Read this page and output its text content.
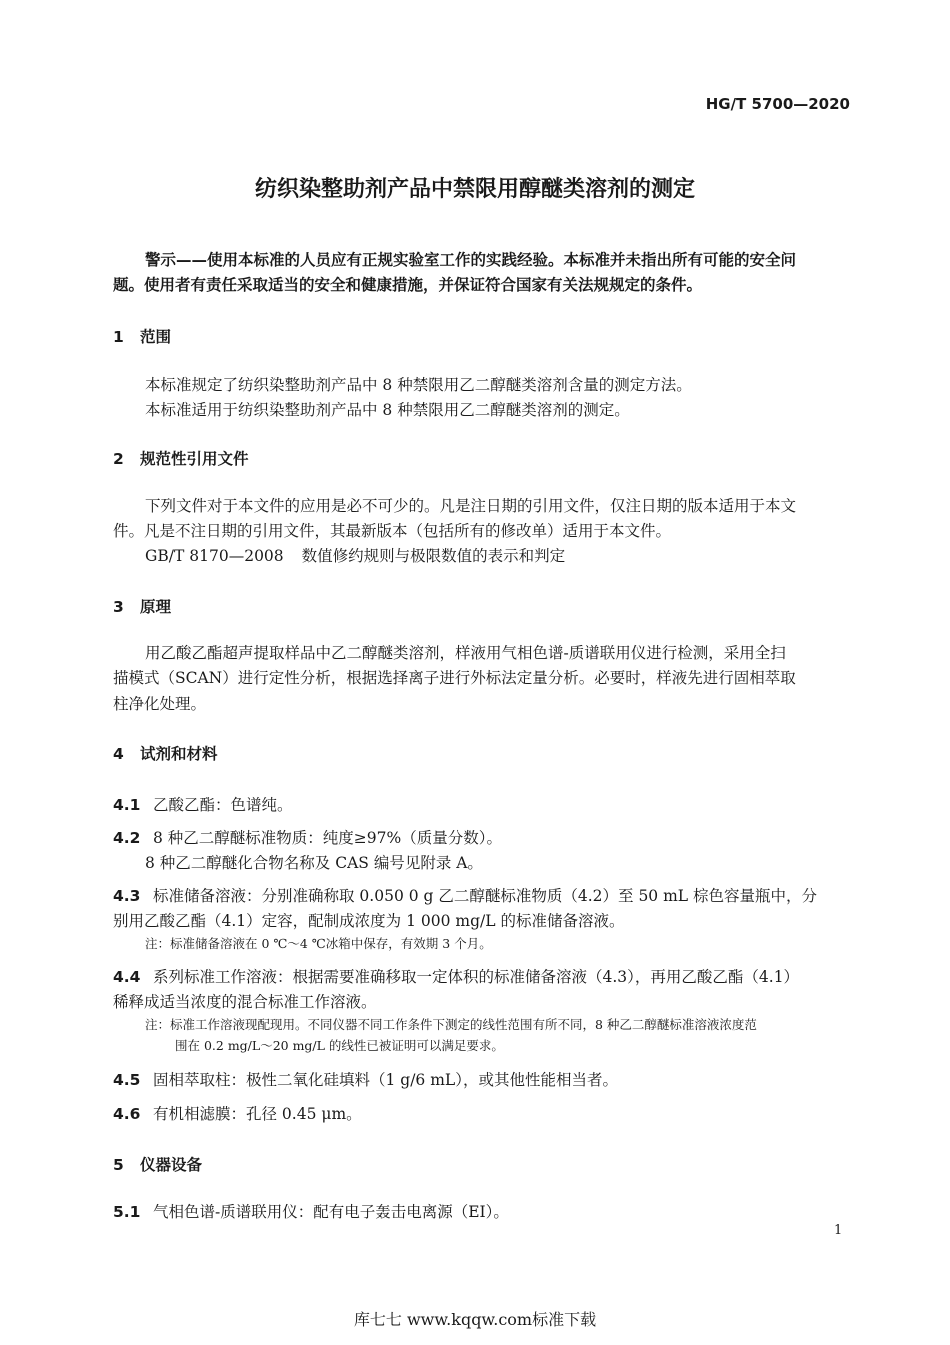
HG/T 5700—2020
纺织染整助剂产品中禁限用醇醚类溶剂的测定
警示——使用本标准的人员应有正规实验室工作的实践经验。本标准并未指出所有可能的安全问
题。使用者有责任采取适当的安全和健康措施，并保证符合国家有关法规规定的条件。
1 范围
本标准规定了纺织染整助剂产品中 8 种禁限用乙二醇醚类溶剂含量的测定方法。
本标准适用于纺织染整助剂产品中 8 种禁限用乙二醇醚类溶剂的测定。
2 规范性引用文件
下列文件对于本文件的应用是必不可少的。凡是注日期的引用文件，仅注日期的版本适用于本文
件。凡是不注日期的引用文件，其最新版本（包括所有的修改单）适用于本文件。
GB/T 8170—2008 数值修约规则与极限数值的表示和判定
3 原理
用乙酸乙酯超声提取样品中乙二醇醚类溶剂，样液用气相色谱-质谱联用仪进行检测，采用全扫
描模式（SCAN）进行定性分析，根据选择离子进行外标法定量分析。必要时，样液先进行固相萃取
柱净化处理。
4 试剂和材料
4.1 乙酸乙酯：色谱纯。
4.2 8 种乙二醇醚标准物质：纯度≥97%（质量分数）。
8 种乙二醇醚化合物名称及 CAS 编号见附录 A。
4.3 标准储备溶液：分别准确称取 0.050 0 g 乙二醇醚标准物质（4.2）至 50 mL 棕色容量瓶中，分
别用乙酸乙酯（4.1）定容，配制成浓度为 1 000 mg/L 的标准储备溶液。
注：标准储备溶液在 0 ℃～4 ℃冰箱中保存，有效期 3 个月。
4.4 系列标准工作溶液：根据需要准确移取一定体积的标准储备溶液（4.3），再用乙酸乙酯（4.1）
稀释成适当浓度的混合标准工作溶液。
注：标准工作溶液现配现用。不同仪器不同工作条件下测定的线性范围有所不同，8 种乙二醇醚标准溶液浓度范
围在 0.2 mg/L～20 mg/L 的线性已被证明可以满足要求。
4.5 固相萃取柱：极性二氧化硅填料（1 g/6 mL），或其他性能相当者。
4.6 有机相滤膜：孔径 0.45 μm。
5 仪器设备
5.1 气相色谱-质谱联用仪：配有电子轰击电离源（EI）。
1
库七七 www.kqqw.com标准下载
